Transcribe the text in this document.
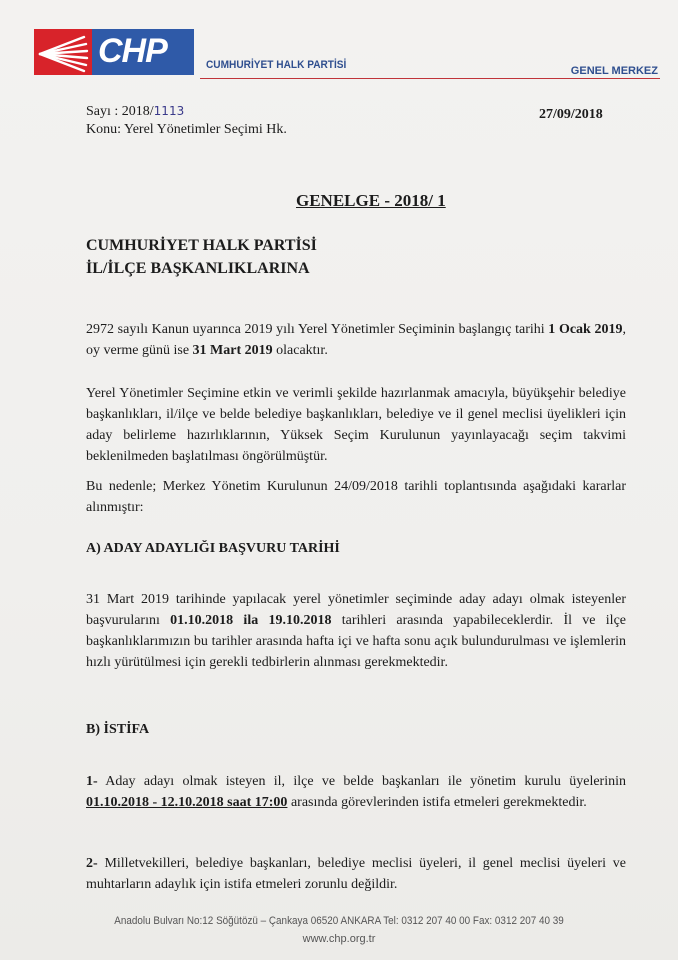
CHP	CUMHURİYET HALK PARTİSİ	GENEL MERKEZ
Sayı : 2018/1113
Konu: Yerel Yönetimler Seçimi Hk.
27/09/2018
GENELGE - 2018/ 1
CUMHURİYET HALK PARTİSİ
İL/İLÇE BAŞKANLIKLARINA
2972 sayılı Kanun uyarınca 2019 yılı Yerel Yönetimler Seçiminin başlangıç tarihi 1 Ocak 2019, oy verme günü ise 31 Mart 2019 olacaktır.
Yerel Yönetimler Seçimine etkin ve verimli şekilde hazırlanmak amacıyla, büyükşehir belediye başkanlıkları, il/ilçe ve belde belediye başkanlıkları, belediye ve il genel meclisi üyelikleri için aday belirleme hazırlıklarının, Yüksek Seçim Kurulunun yayınlayacağı seçim takvimi beklenilmeden başlatılması öngörülmüştür.
Bu nedenle; Merkez Yönetim Kurulunun 24/09/2018 tarihli toplantısında aşağıdaki kararlar alınmıştır:
A) ADAY ADAYLIĞI BAŞVURU TARİHİ
31 Mart 2019 tarihinde yapılacak yerel yönetimler seçiminde aday adayı olmak isteyenler başvurularını 01.10.2018 ila 19.10.2018 tarihleri arasında yapabileceklerdir. İl ve ilçe başkanlıklarımızın bu tarihler arasında hafta içi ve hafta sonu açık bulundurulması ve işlemlerin hızlı yürütülmesi için gerekli tedbirlerin alınması gerekmektedir.
B) İSTİFA
1- Aday adayı olmak isteyen il, ilçe ve belde başkanları ile yönetim kurulu üyelerinin 01.10.2018 - 12.10.2018 saat 17:00 arasında görevlerinden istifa etmeleri gerekmektedir.
2- Milletvekilleri, belediye başkanları, belediye meclisi üyeleri, il genel meclisi üyeleri ve muhtarların adaylık için istifa etmeleri zorunlu değildir.
Anadolu Bulvarı No:12 Söğütözü – Çankaya 06520 ANKARA Tel: 0312 207 40 00 Fax: 0312 207 40 39
www.chp.org.tr
